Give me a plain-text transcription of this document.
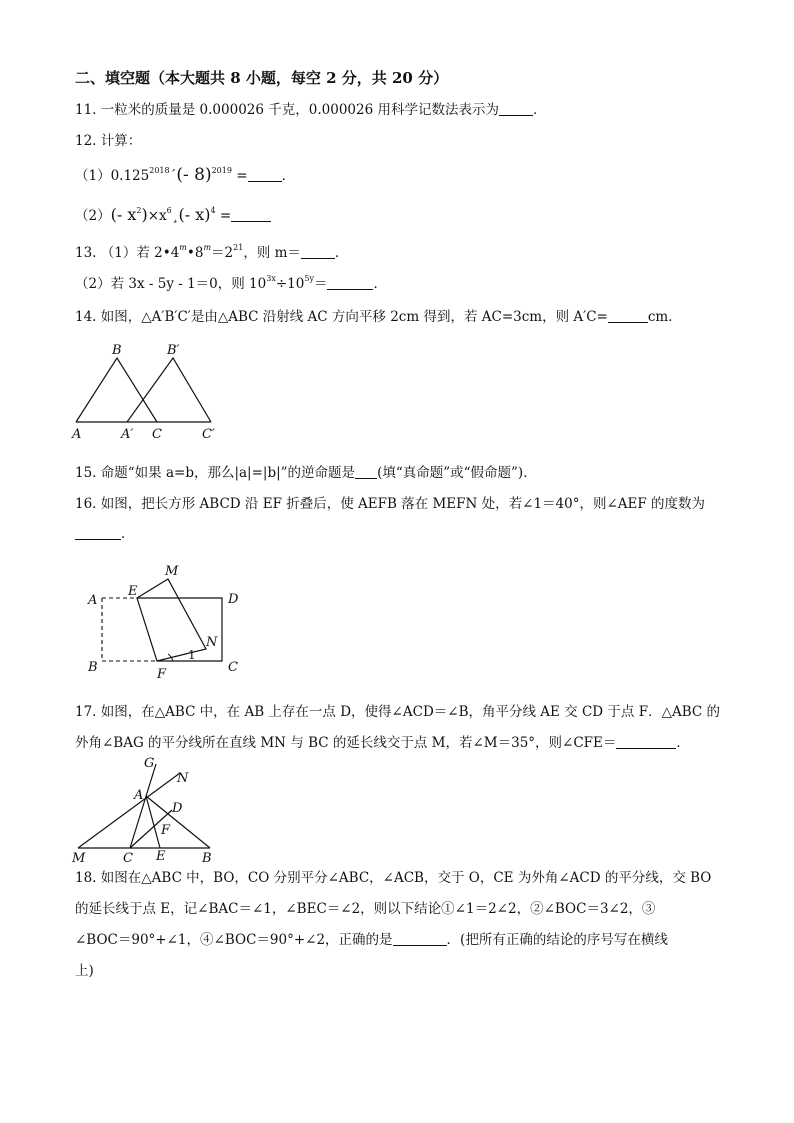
二、填空题（本大题共 8 小题，每空 2 分，共 20 分）
11. 一粒米的质量是 0.000026 千克，0.000026 用科学记数法表示为	．
12. 计算：
$(1)0.125^{2018}´(-$ 8)$^{2019}$ =	．
（2）(- $x^2)\times x^6¸(-$ x)$^4$ =
13. （1）若 $2•4^m•8^m=2^{21}$，则 m＝	．
（2）若 3x - 5y - 1＝0，则 $10^{3x}\div 10^{5y}=$	．
14. 如图，△A′B′C′是由△ABC 沿射线 AC 方向平移 2cm 得到，若 AC=3cm，则 A′C=	cm．
B	B′
A	A′ C	C′
15. 命题“如果 a=b，那么|a|=|b|”的逆命题是 (填“真命题”或“假命题”)．
16. 如图，把长方形 ABCD 沿 EF 折叠后，使 AEFB 落在 MEFN 处，若∠1＝40°，则∠AEF 的度数为
．
M
E
A	D
N
1
B	F	C
17. 如图，在△ABC 中，在 AB 上存在一点 D，使得∠ACD＝∠B，角平分线 AE 交 CD 于点 F．△ABC 的
外角∠BAG 的平分线所在直线 MN 与 BC 的延长线交于点 M，若∠M＝35°，则∠CFE＝	．
G
N
A
D
F
M	C E	B
18. 如图在△ABC 中，BO，CO 分别平分∠ABC，∠ACB，交于 O，CE 为外角∠ACD 的平分线，交 BO
的延长线于点 E，记∠BAC＝∠1，∠BEC＝∠2，则以下结论①∠1＝2∠2，②∠BOC＝3∠2，③
∠BOC＝90°+∠1，④∠BOC＝90°+∠2，正确的是	．(把所有正确的结论的序号写在横线
上)
